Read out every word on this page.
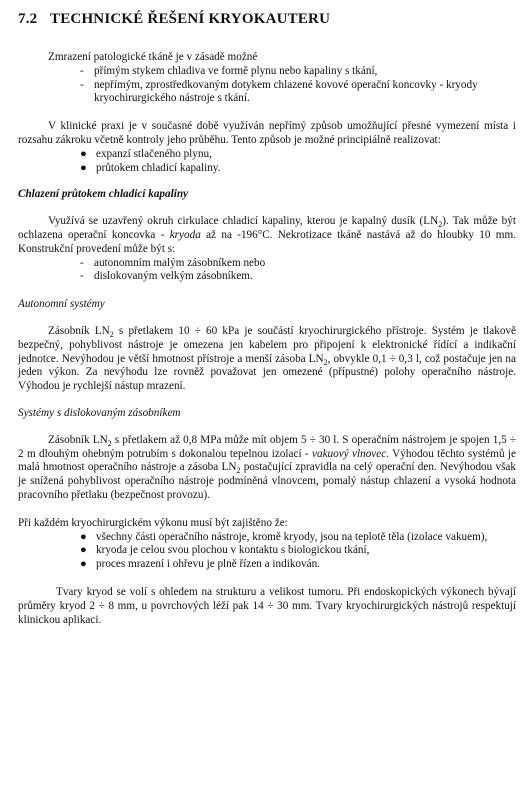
7.2 TECHNICKÉ ŘEŠENÍ KRYOKAUTERU

Zmrazení patologické tkáně je v zásadě možné

- přímým stykem chladiva ve formě plynu nebo kapaliny s tkání,
- nepřímým, zprostředkovaným dotykem chlazené kovové operační koncovky - kryody kryochirurgického nástroje s tkání.

V klinické praxi je v současné době využíván nepřímý způsob umožňující přesné vymezení místa i rozsahu zákroku včetně kontroly jeho průběhu. Tento způsob je možné principiálně realizovat:

● expanzí stlačeného plynu,
● průtokem chladicí kapaliny.

Chlazení průtokem chladicí kapaliny

Využívá se uzavřený okruh cirkulace chladicí kapaliny, kterou je kapalný dusík $(LN_2)$. Tak může být ochlazena operační koncovka - kryoda až na -196°C. Nekrotizace tkáně nastává až do hloubky 10 mm. Konstrukční provedení může být s:

- autonomním malým zásobníkem nebo
- dislokovaným velkým zásobníkem.

Autonomní systémy

Zásobník $LN_2$ s přetlakem 10 ÷ 60 kPa je součástí kryochirurgického přístroje. Systém je tlakově bezpečný, pohyblivost nástroje je omezena jen kabelem pro připojení k elektronické řídící a indikační jednotce. Nevýhodou je větší hmotnost přístroje a menší zásoba $LN_2$, obvykle 0,1 ÷ 0,3 l, což postačuje jen na jeden výkon. Za nevýhodu lze rovněž považovat jen omezené (přípustné) polohy operačního nástroje. Výhodou je rychlejší nástup mrazení.

Systémy s dislokovaným zásobníkem

Zásobník $LN_2$ s přetlakem až 0,8 MPa může mít objem 5 ÷ 30 l. S operačním nástrojem je spojen 1,5 ÷ 2 m dlouhým ohebným potrubím s dokonalou tepelnou izolací - vakuový vlnovec. Výhodou těchto systémů je malá hmotnost operačního nástroje a zásoba $LN_2$ postačující zpravidla na celý operační den. Nevýhodou však je snížená pohyblivost operačního nástroje podmíněná vlnovcem, pomalý nástup chlazení a vysoká hodnota pracovního přetlaku (bezpečnost provozu).

Při každém kryochirurgickém výkonu musí být zajištěno že:

● všechny části operačního nástroje, kromě kryody, jsou na teplotě těla (izolace vakuem),
● kryoda je celou svou plochou v kontaktu s biologickou tkání,
● proces mrazení i ohřevu je plně řízen a indikován.

Tvary kryod se volí s ohledem na strukturu a velikost tumoru. Při endoskopických výkonech bývají průměry kryod 2 ÷ 8 mm, u povrchových léží pak 14 ÷ 30 mm. Tvary kryochirurgických nástrojů respektují klinickou aplikaci.
